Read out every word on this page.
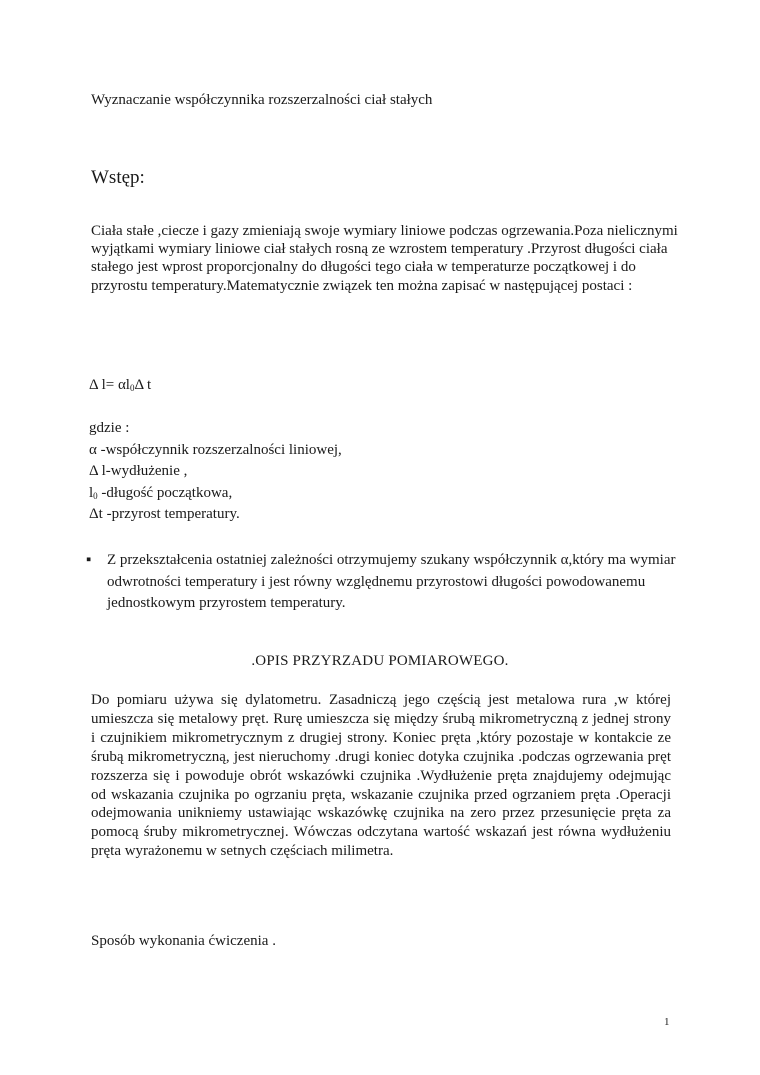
Wyznaczanie współczynnika rozszerzalności ciał stałych
Wstęp:

Ciała stałe ,ciecze i gazy zmieniają swoje wymiary liniowe podczas ogrzewania.Poza nielicznymi wyjątkami wymiary liniowe ciał stałych rosną ze wzrostem temperatury .Przyrost długości ciała stałego jest wprost proporcjonalny do długości tego ciała w temperaturze początkowej i do przyrostu temperatury.Matematycznie związek ten można zapisać w następującej postaci :

Δ $l= \alpha l_0\Delta$ t
gdzie :
α -współczynnik rozszerzalności liniowej,
Δ l-wydłużenie ,
$l_0$ -długość początkowa,
Δt -przyrost temperatury.
▪	Z przekształcenia ostatniej zależności otrzymujemy szukany współczynnik α,który ma wymiar odwrotności temperatury i jest równy względnemu przyrostowi długości powodowanemu jednostkowym przyrostem temperatury.
.OPIS PRZYRZADU POMIAROWEGO.

Do pomiaru używa się dylatometru. Zasadniczą jego częścią jest metalowa rura ,w której umieszcza się metalowy pręt. Rurę umieszcza się między śrubą mikrometryczną z jednej strony i czujnikiem mikrometrycznym z drugiej strony. Koniec pręta ,który pozostaje w kontakcie ze śrubą mikrometryczną, jest nieruchomy .drugi koniec dotyka czujnika .podczas ogrzewania pręt rozszerza się i powoduje obrót wskazówki czujnika .Wydłużenie pręta znajdujemy odejmując od wskazania czujnika po ogrzaniu pręta, wskazanie czujnika przed ogrzaniem pręta .Operacji odejmowania unikniemy ustawiając wskazówkę czujnika na zero przez przesunięcie pręta za pomocą śruby mikrometrycznej. Wówczas odczytana wartość wskazań jest równa wydłużeniu pręta wyrażonemu w setnych częściach milimetra.

Sposób wykonania ćwiczenia .
1
